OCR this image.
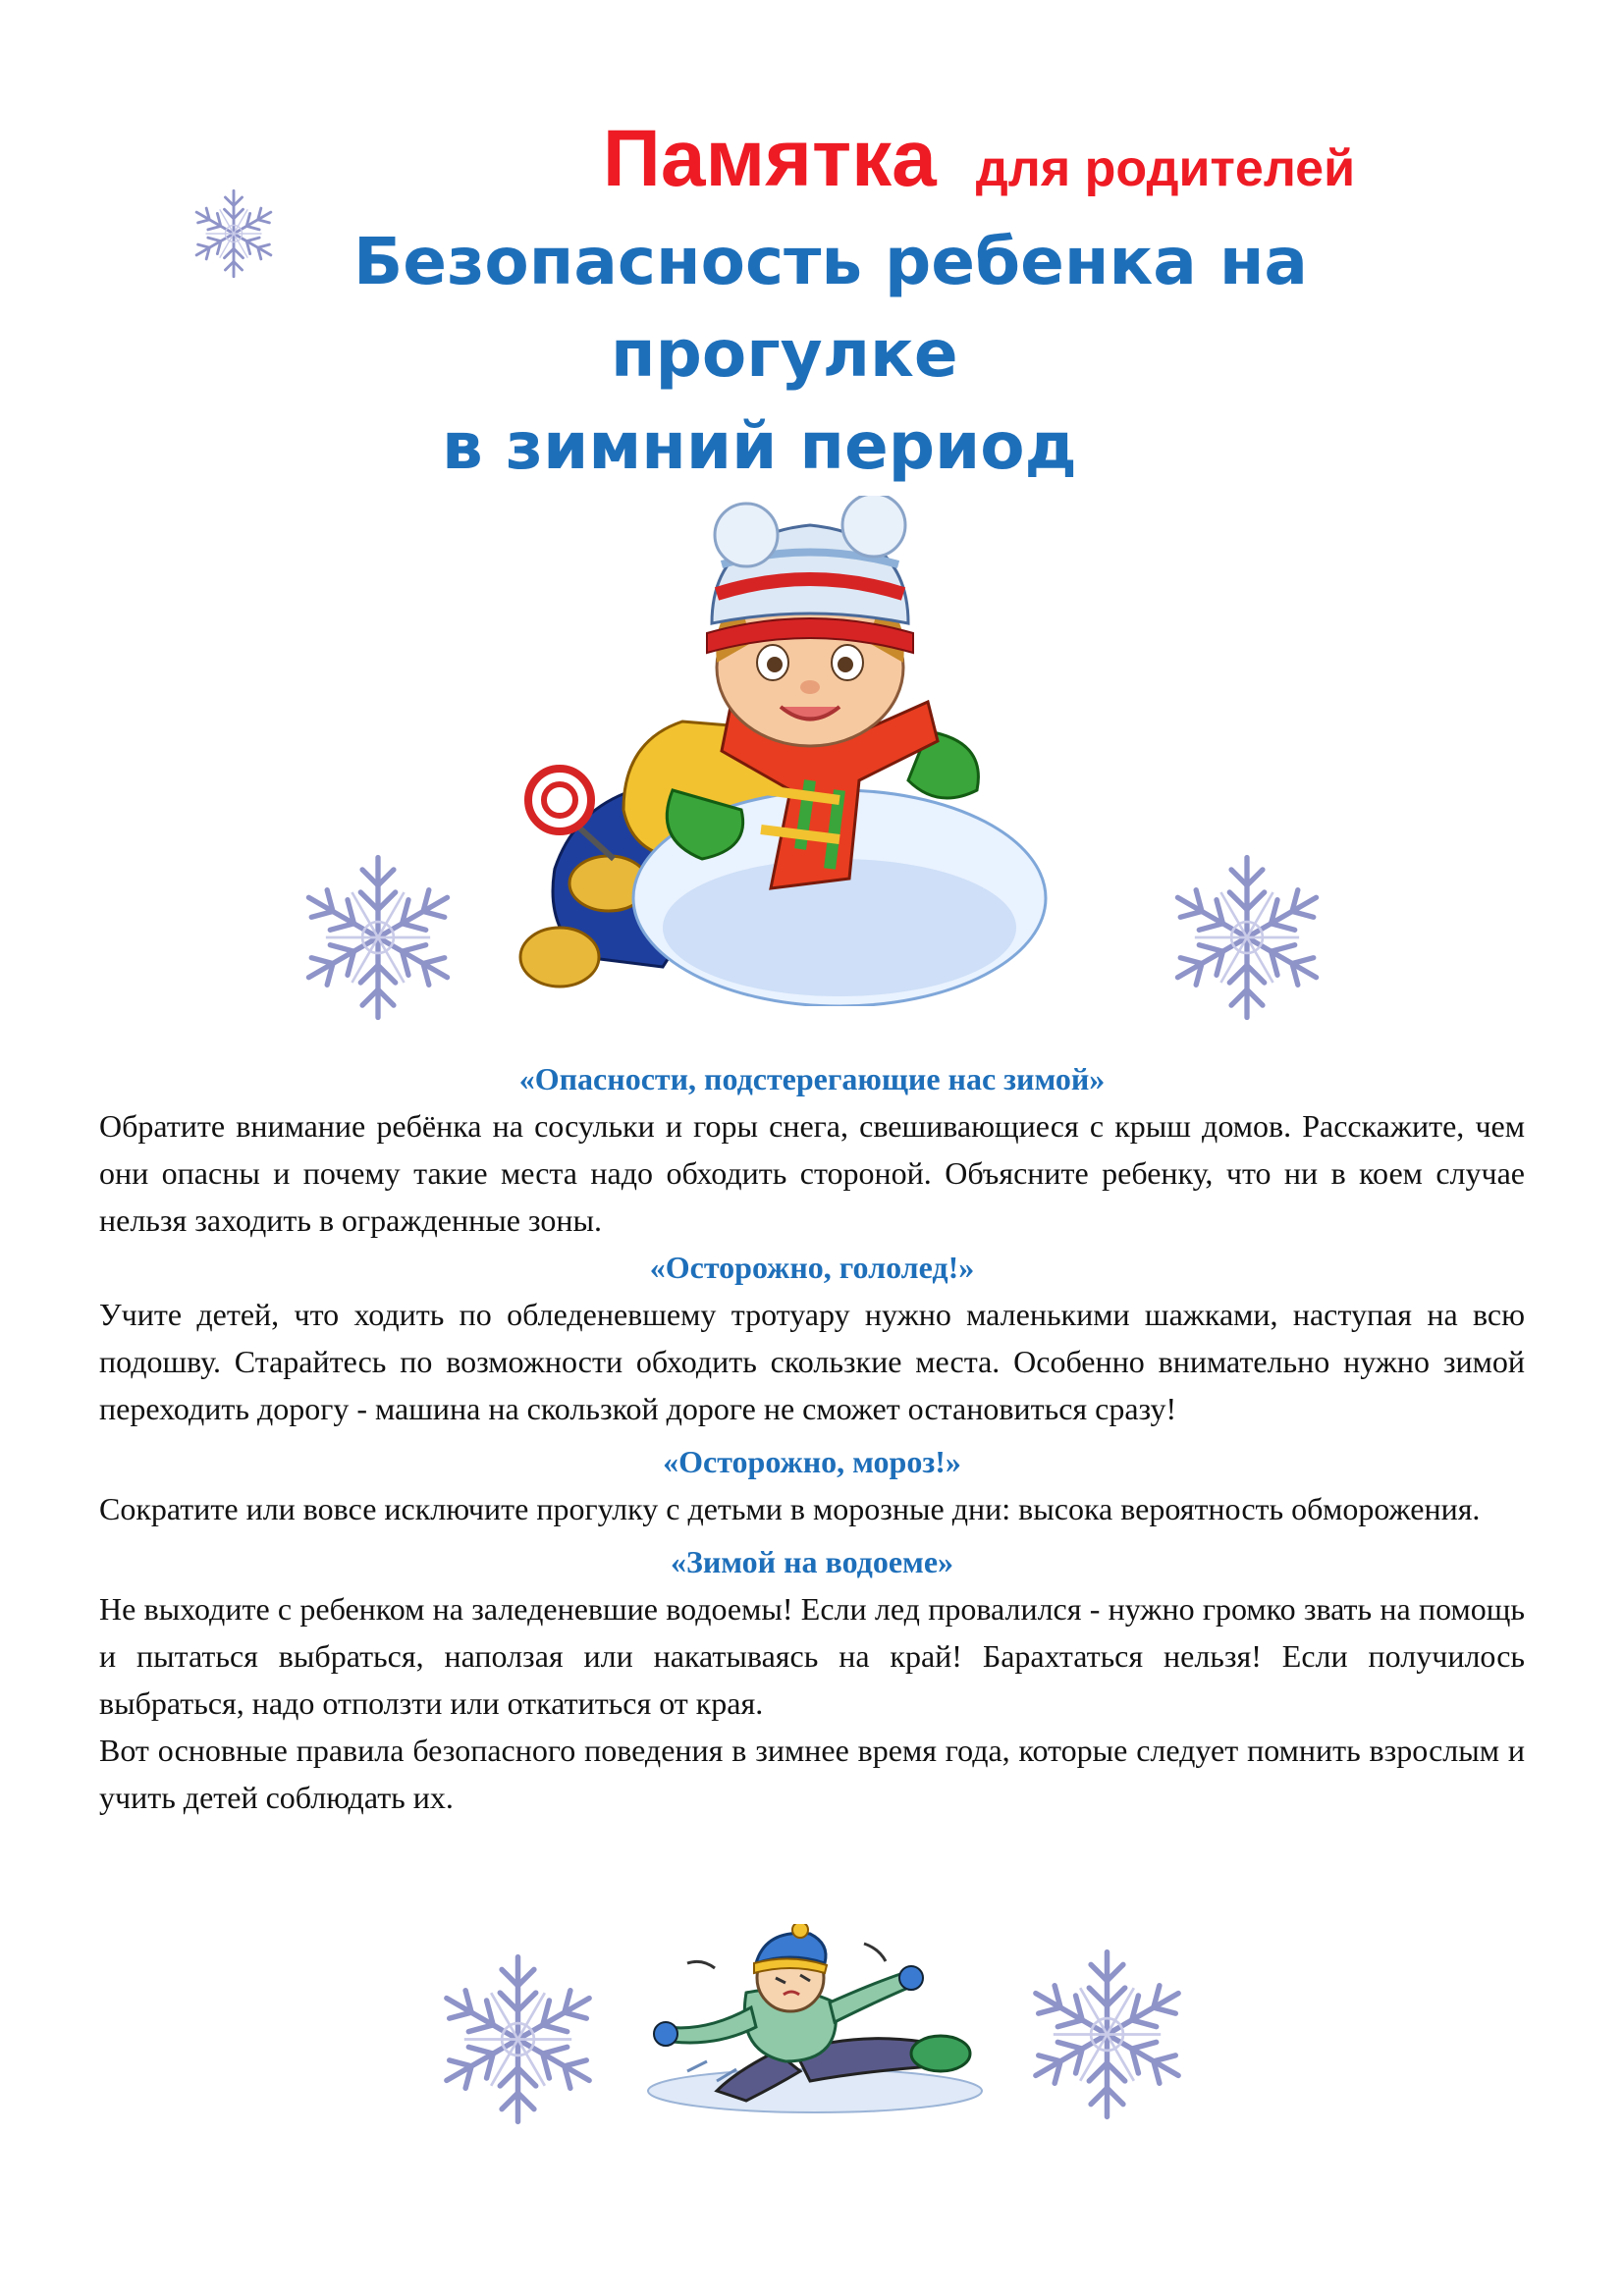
Памятка для родителей
Безопасность ребенка на
прогулке
в зимний период

«Опасности, подстерегающие нас зимой»

Обратите внимание ребёнка на сосульки и горы снега, свешивающиеся с крыш домов. Расскажите, чем они опасны и почему такие места надо обходить стороной. Объясните ребенку, что ни в коем случае нельзя заходить в огражденные зоны.

«Осторожно, гололед!»

Учите детей, что ходить по обледеневшему тротуару нужно маленькими шажками, наступая на всю подошву. Старайтесь по возможности обходить скользкие места. Особенно внимательно нужно зимой переходить дорогу - машина на скользкой дороге не сможет остановиться сразу!

«Осторожно, мороз!»

Сократите или вовсе исключите прогулку с детьми в морозные дни: высока вероятность обморожения.

«Зимой на водоеме»

Не выходите с ребенком на заледеневшие водоемы! Если лед провалился - нужно громко звать на помощь и пытаться выбраться, наползая или накатываясь на край! Барахтаться нельзя! Если получилось выбраться, надо отползти или откатиться от края.

Вот основные правила безопасного поведения в зимнее время года, которые следует помнить взрослым и учить детей соблюдать их.
